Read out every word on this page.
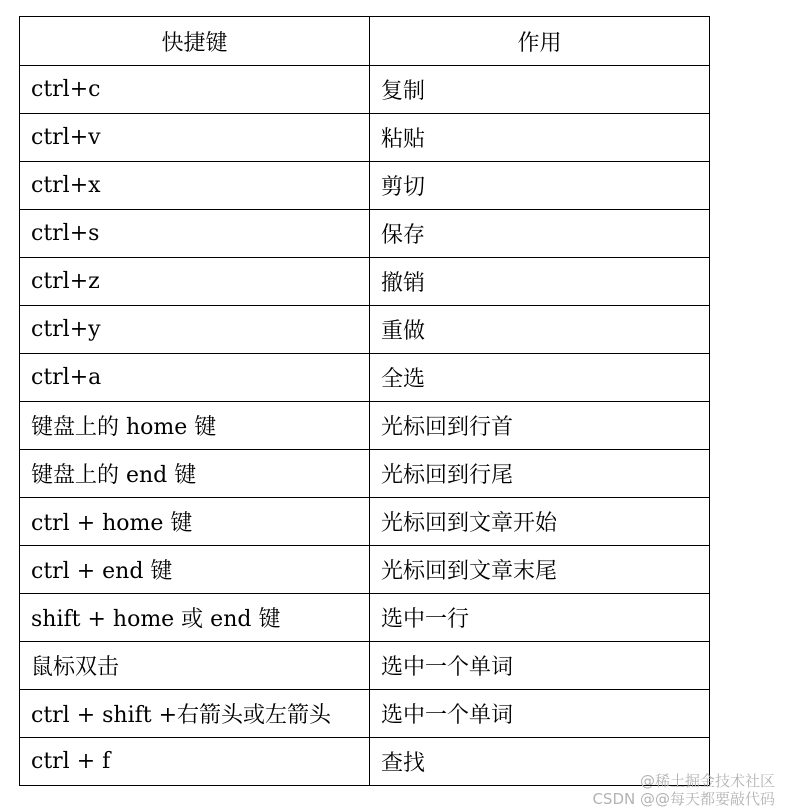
快捷键	作用
ctrl+c	复制
ctrl+v	粘贴
ctrl+x	剪切
ctrl+s	保存
ctrl+z	撤销
ctrl+y	重做
ctrl+a	全选
键盘上的 home 键	光标回到行首
键盘上的 end 键	光标回到行尾
ctrl + home 键	光标回到文章开始
ctrl + end 键	光标回到文章末尾
shift + home 或 end 键	选中一行
鼠标双击	选中一个单词
ctrl + shift +右箭头或左箭头	选中一个单词
ctrl + f	查找
@稀土掘金技术社区
CSDN @@每天都要敲代码
